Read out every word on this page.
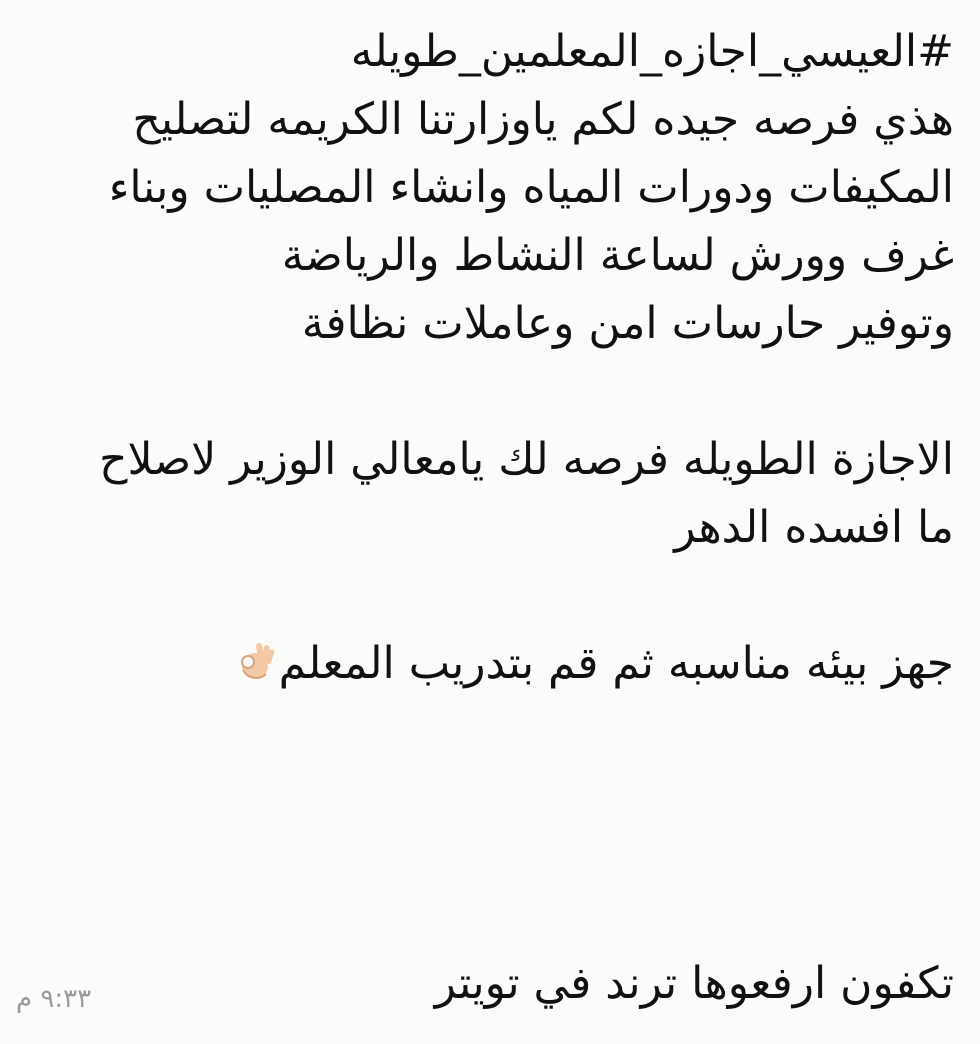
#العيسي_اجازه_المعلمين_طويله
هذي فرصه جيده لكم ياوزارتنا الكريمه لتصليح
المكيفات ودورات المياه وانشاء المصليات وبناء
غرف وورش لساعة النشاط والرياضة
وتوفير حارسات امن وعاملات نظافة
الاجازة الطويله فرصه لك يامعالي الوزير لاصلاح
ما افسده الدهر
جهز بيئه مناسبه ثم قم بتدريب المعلم
تكفون ارفعوها ترند في تويتر
٩:٣٣ م
